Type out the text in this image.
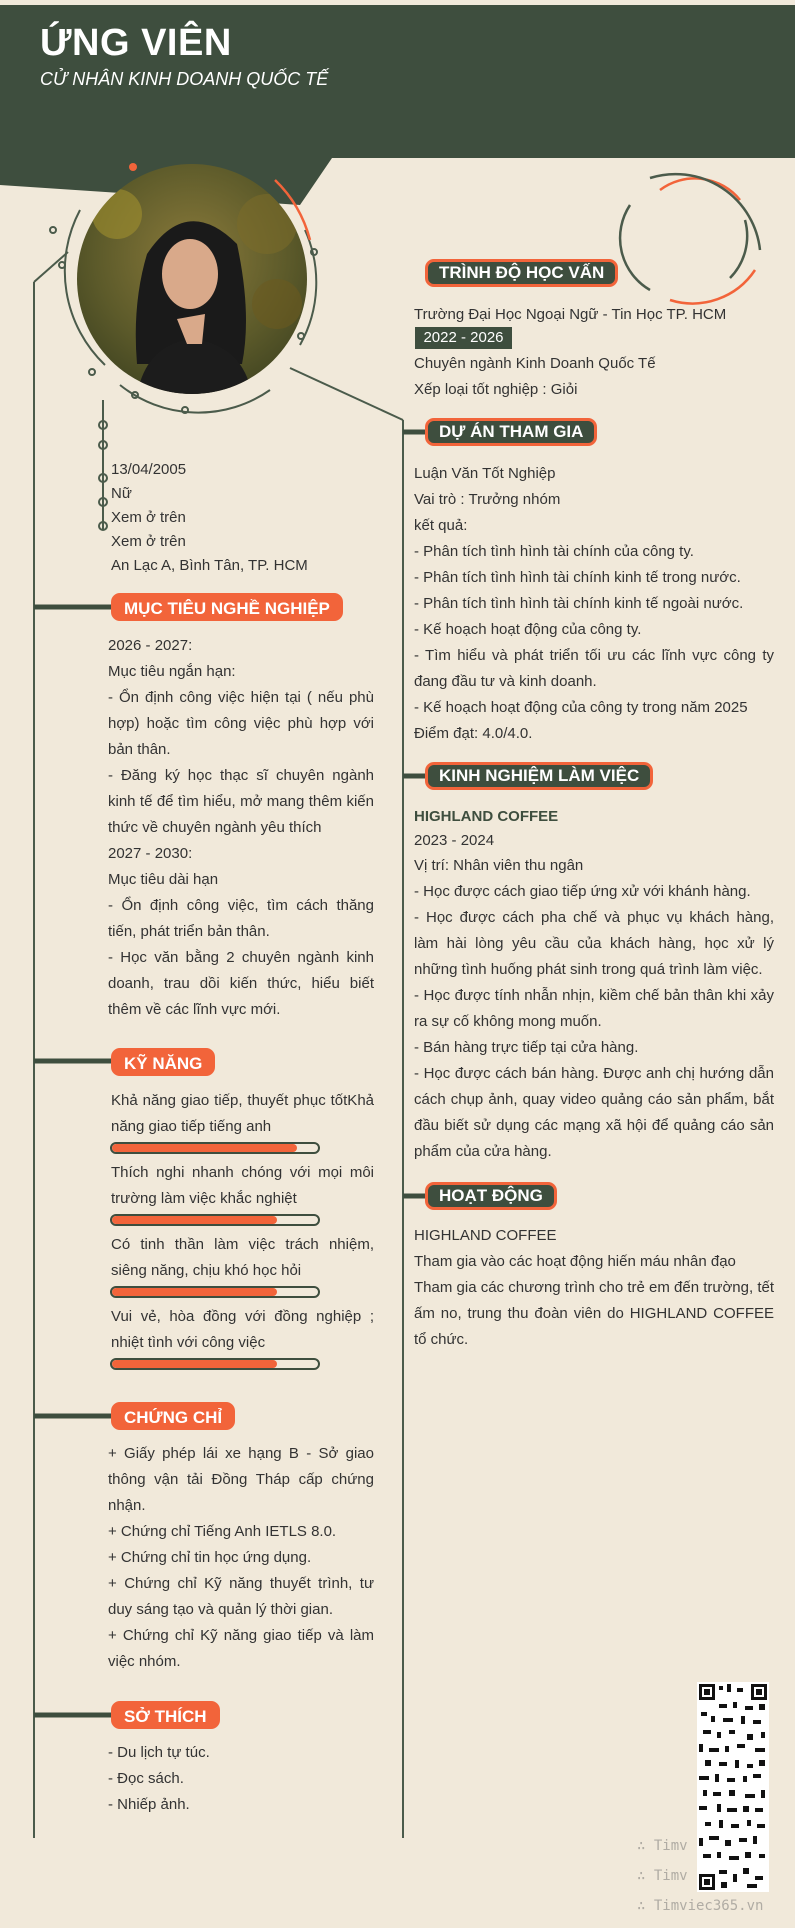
ỨNG VIÊN
CỬ NHÂN KINH DOANH QUỐC TẾ
13/04/2005
Nữ
Xem ở trên
Xem ở trên
An Lạc A, Bình Tân, TP. HCM
MỤC TIÊU NGHỀ NGHIỆP
2026 - 2027:
Mục tiêu ngắn hạn:
- Ổn định công việc hiện tại ( nếu phù hợp) hoặc tìm công việc phù hợp với bản thân.
- Đăng ký học thạc sĩ chuyên ngành kinh tế để tìm hiểu, mở mang thêm kiến thức về chuyên ngành yêu thích
2027 - 2030:
Mục tiêu dài hạn
- Ổn định công việc, tìm cách thăng tiến, phát triển bản thân.
- Học văn bằng 2 chuyên ngành kinh doanh, trau dồi kiến thức, hiểu biết thêm về các lĩnh vực mới.
KỸ NĂNG
Khả năng giao tiếp, thuyết phục tốtKhả năng giao tiếp tiếng anh
Thích nghi nhanh chóng với mọi môi trường làm việc khắc nghiệt
Có tinh thần làm việc trách nhiệm, siêng năng, chịu khó học hỏi
Vui vẻ, hòa đồng với đồng nghiệp ; nhiệt tình với công việc
CHỨNG CHỈ
+ Giấy phép lái xe hạng B - Sở giao thông vận tải Đồng Tháp cấp chứng nhận.
+ Chứng chỉ Tiếng Anh IETLS 8.0.
+ Chứng chỉ tin học ứng dụng.
+ Chứng chỉ Kỹ năng thuyết trình, tư duy sáng tạo và quản lý thời gian.
+ Chứng chỉ Kỹ năng giao tiếp và làm việc nhóm.
SỞ THÍCH
- Du lịch tự túc.
- Đọc sách.
- Nhiếp ảnh.
TRÌNH ĐỘ HỌC VẤN
Trường Đại Học Ngoại Ngữ - Tin Học TP. HCM
2022 - 2026
Chuyên ngành Kinh Doanh Quốc Tế
Xếp loại tốt nghiệp : Giỏi
DỰ ÁN THAM GIA
Luận Văn Tốt Nghiệp
Vai trò : Trưởng nhóm
kết quả:
- Phân tích tình hình tài chính của công ty.
- Phân tích tình hình tài chính kinh tế trong nước.
- Phân tích tình hình tài chính kinh tế ngoài nước.
- Kế hoạch hoạt động của công ty.
- Tìm hiểu và phát triển tối ưu các lĩnh vực công ty đang đầu tư và kinh doanh.
- Kế hoạch hoạt động của công ty trong năm 2025
Điểm đạt: 4.0/4.0.
KINH NGHIỆM LÀM VIỆC
HIGHLAND COFFEE
2023 - 2024
Vị trí: Nhân viên thu ngân
- Học được cách giao tiếp ứng xử với khánh hàng.
- Học được cách pha chế và phục vụ khách hàng, làm hài lòng yêu cầu của khách hàng, học xử lý những tình huống phát sinh trong quá trình làm việc.
- Học được tính nhẫn nhịn, kiềm chế bản thân khi xảy ra sự cố không mong muốn.
- Bán hàng trực tiếp tại cửa hàng.
- Học được cách bán hàng. Được anh chị hướng dẫn cách chụp ảnh, quay video quảng cáo sản phẩm, bắt đầu biết sử dụng các mạng xã hội để quảng cáo sản phẩm của cửa hàng.
HOẠT ĐỘNG
HIGHLAND COFFEE
Tham gia vào các hoạt động hiến máu nhân đạo
Tham gia các chương trình cho trẻ em đến trường, tết ấm no, trung thu đoàn viên do HIGHLAND COFFEE tổ chức.
∴ Timv
∴ Timv
∴ Timviec365.vn
